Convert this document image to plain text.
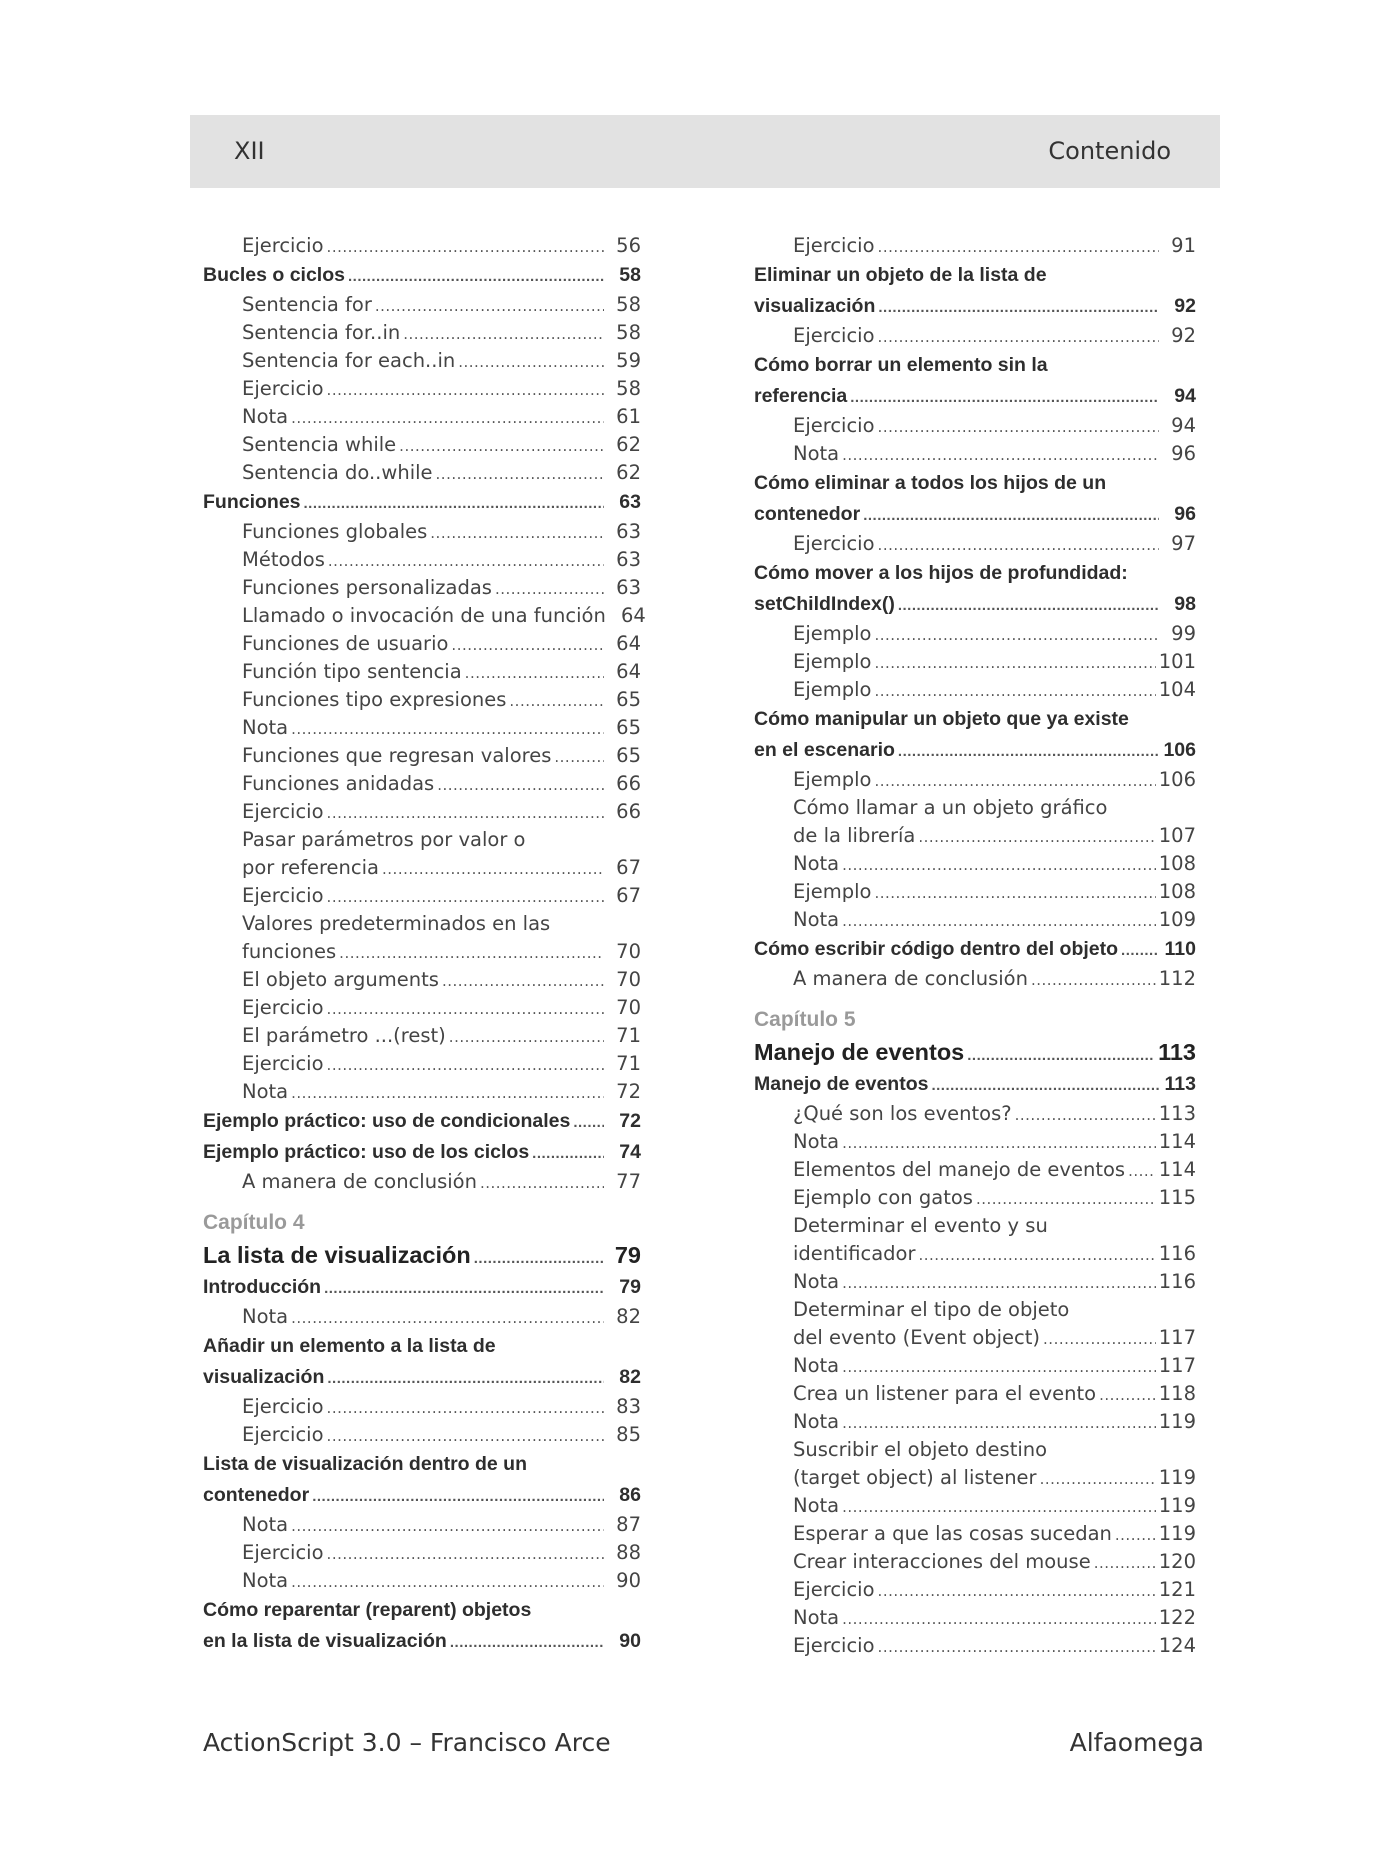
XII	Contenido
Ejercicio .....	56
Bucles o ciclos .....	58
Sentencia for .....	58
Sentencia for..in .....	58
Sentencia for each..in .....	59
Ejercicio .....	58
Nota .....	61
Sentencia while .....	62
Sentencia do..while .....	62
Funciones .....	63
Funciones globales .....	63
Métodos .....	63
Funciones personalizadas .....	63
Llamado o invocación de una función 64
Funciones de usuario .....	64
Función tipo sentencia .....	64
Funciones tipo expresiones .....	65
Nota .....	65
Funciones que regresan valores .....	65
Funciones anidadas .....	66
Ejercicio .....	66
Pasar parámetros por valor o
por referencia .....	67
Ejercicio .....	67
Valores predeterminados en las
funciones .....	70
El objeto arguments .....	70
Ejercicio .....	70
El parámetro ...(rest) .....	71
Ejercicio .....	71
Nota .....	72
Ejemplo práctico: uso de condicionales .....	72
Ejemplo práctico: uso de los ciclos .....	74
A manera de conclusión .....	77
Capítulo 4
La lista de visualización .....	79
Introducción .....	79
Nota .....	82
Añadir un elemento a la lista de
visualización .....	82
Ejercicio .....	83
Ejercicio .....	85
Lista de visualización dentro de un
contenedor .....	86
Nota .....	87
Ejercicio .....	88
Nota .....	90
Cómo reparentar (reparent) objetos
en la lista de visualización .....	90
Ejercicio .....	91
Eliminar un objeto de la lista de
visualización .....	92
Ejercicio .....	92
Cómo borrar un elemento sin la
referencia .....	94
Ejercicio .....	94
Nota .....	96
Cómo eliminar a todos los hijos de un
contenedor .....	96
Ejercicio .....	97
Cómo mover a los hijos de profundidad:
setChildIndex() .....	98
Ejemplo .....	99
Ejemplo .....	101
Ejemplo .....	104
Cómo manipular un objeto que ya existe
en el escenario .....	106
Ejemplo .....	106
Cómo llamar a un objeto gráfico
de la librería .....	107
Nota .....	108
Ejemplo .....	108
Nota .....	109
Cómo escribir código dentro del objeto ..... 110
A manera de conclusión .....	112
Capítulo 5
Manejo de eventos .....	113
Manejo de eventos .....	113
¿Qué son los eventos? .....	113
Nota .....	114
Elementos del manejo de eventos ..... 114
Ejemplo con gatos .....	115
Determinar el evento y su
identificador .....	116
Nota .....	116
Determinar el tipo de objeto
del evento (Event object) .....	117
Nota .....	117
Crea un listener para el evento .....	118
Nota .....	119
Suscribir el objeto destino
(target object) al listener .....	119
Nota .....	119
Esperar a que las cosas sucedan ..... 119
Crear interacciones del mouse .....	120
Ejercicio .....	121
Nota .....	122
Ejercicio .....	124
ActionScript 3.0 – Francisco Arce	Alfaomega
